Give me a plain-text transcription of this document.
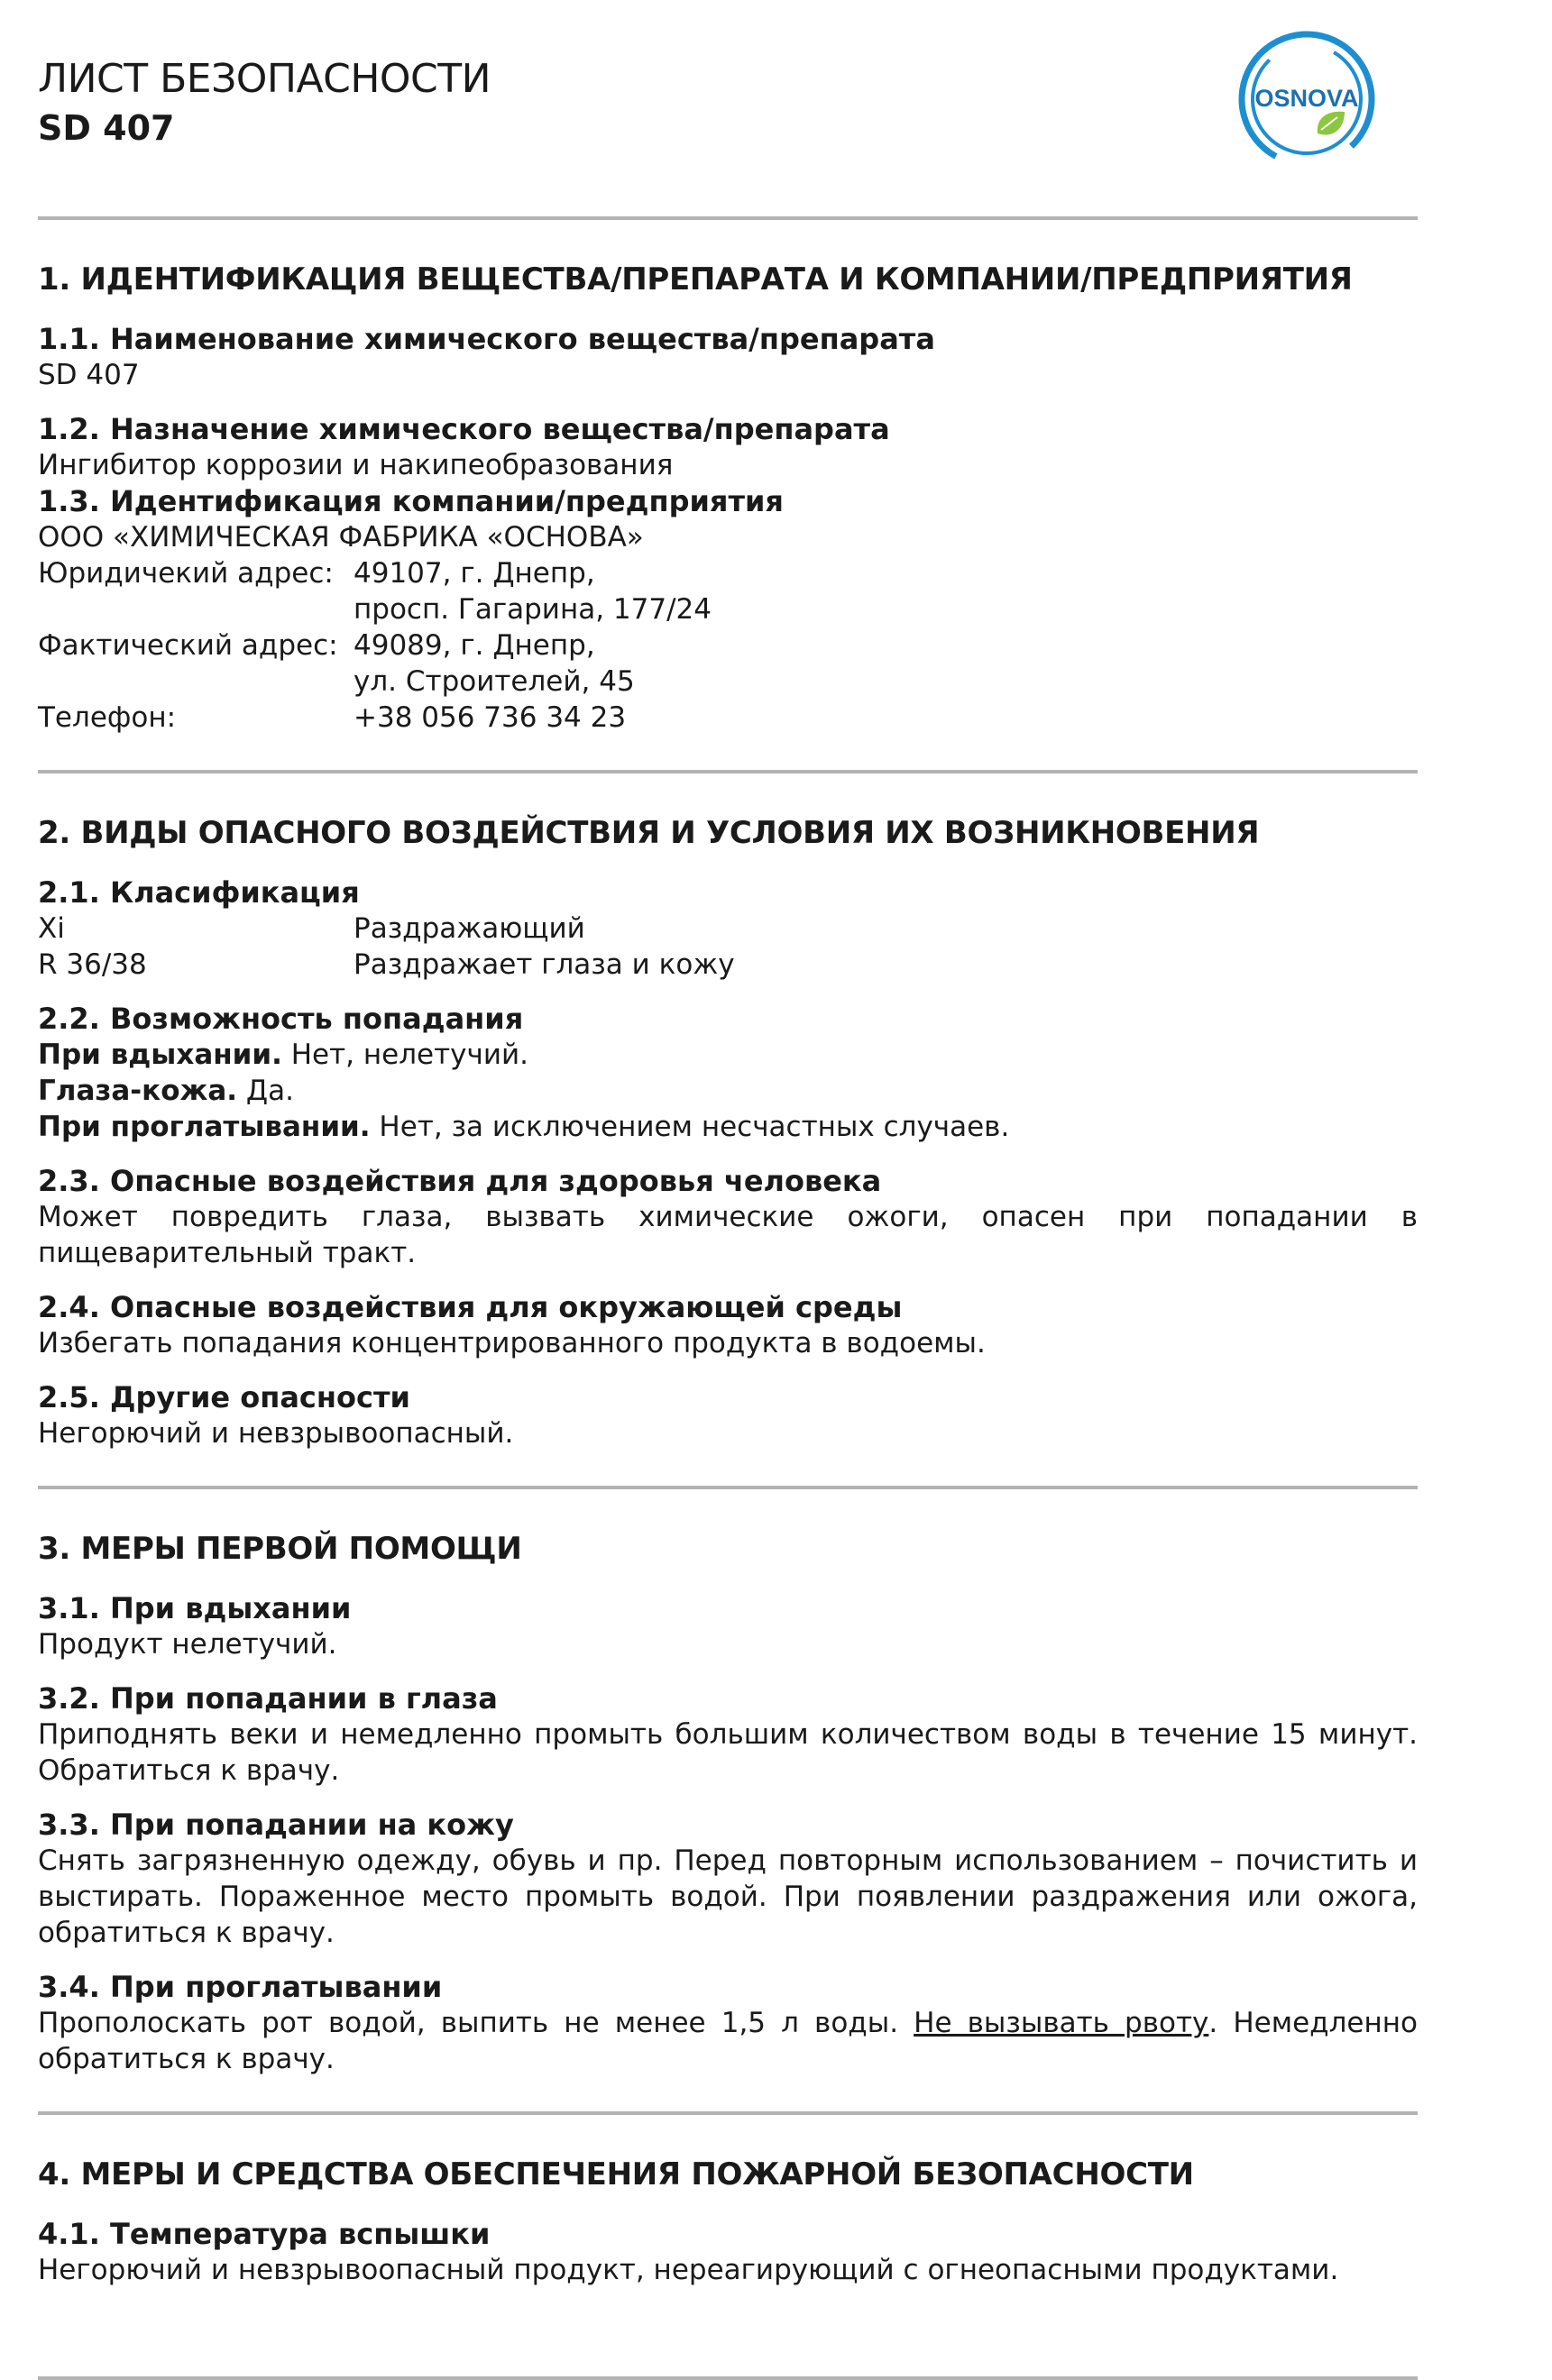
ЛИСТ БЕЗОПАСНОСТИ
SD 407
OSNOVA
1. ИДЕНТИФИКАЦИЯ ВЕЩЕСТВА/ПРЕПАРАТА И КОМПАНИИ/ПРЕДПРИЯТИЯ
1.1. Наименование химического вещества/препарата
SD 407
1.2. Назначение химического вещества/препарата
Ингибитор коррозии и накипеобразования
1.3. Идентификация компании/предприятия
ООО «ХИМИЧЕСКАЯ ФАБРИКА «ОСНОВА»
Юридичекий адрес: 49107, г. Днепр,
просп. Гагарина, 177/24
Фактический адрес: 49089, г. Днепр,
ул. Строителей, 45
Телефон:	+38 056 736 34 23
2. ВИДЫ ОПАСНОГО ВОЗДЕЙСТВИЯ И УСЛОВИЯ ИХ ВОЗНИКНОВЕНИЯ
2.1. Класификация
Xi	Раздражающий
R 36/38	Раздражает глаза и кожу
2.2. Возможность попадания
При вдыхании. Нет, нелетучий.
Глаза-кожа. Да.
При проглатывании. Нет, за исключением несчастных случаев.
2.3. Опасные воздействия для здоровья человека
Может повредить глаза, вызвать химические ожоги, опасен при попадании в пищеварительный тракт.
2.4. Опасные воздействия для окружающей среды
Избегать попадания концентрированного продукта в водоемы.
2.5. Другие опасности
Негорючий и невзрывоопасный.
3. МЕРЫ ПЕРВОЙ ПОМОЩИ
3.1. При вдыхании
Продукт нелетучий.
3.2. При попадании в глаза
Приподнять веки и немедленно промыть большим количеством воды в течение 15 минут. Обратиться к врачу.
3.3. При попадании на кожу
Снять загрязненную одежду, обувь и пр. Перед повторным использованием – почистить и выстирать. Пораженное место промыть водой. При появлении раздражения или ожога, обратиться к врачу.
3.4. При проглатывании
Прополоскать рот водой, выпить не менее 1,5 л воды. Не вызывать рвоту. Немедленно обратиться к врачу.
4. МЕРЫ И СРЕДСТВА ОБЕСПЕЧЕНИЯ ПОЖАРНОЙ БЕЗОПАСНОСТИ
4.1. Температура вспышки
Негорючий и невзрывоопасный продукт, нереагирующий с огнеопасными продуктами.
